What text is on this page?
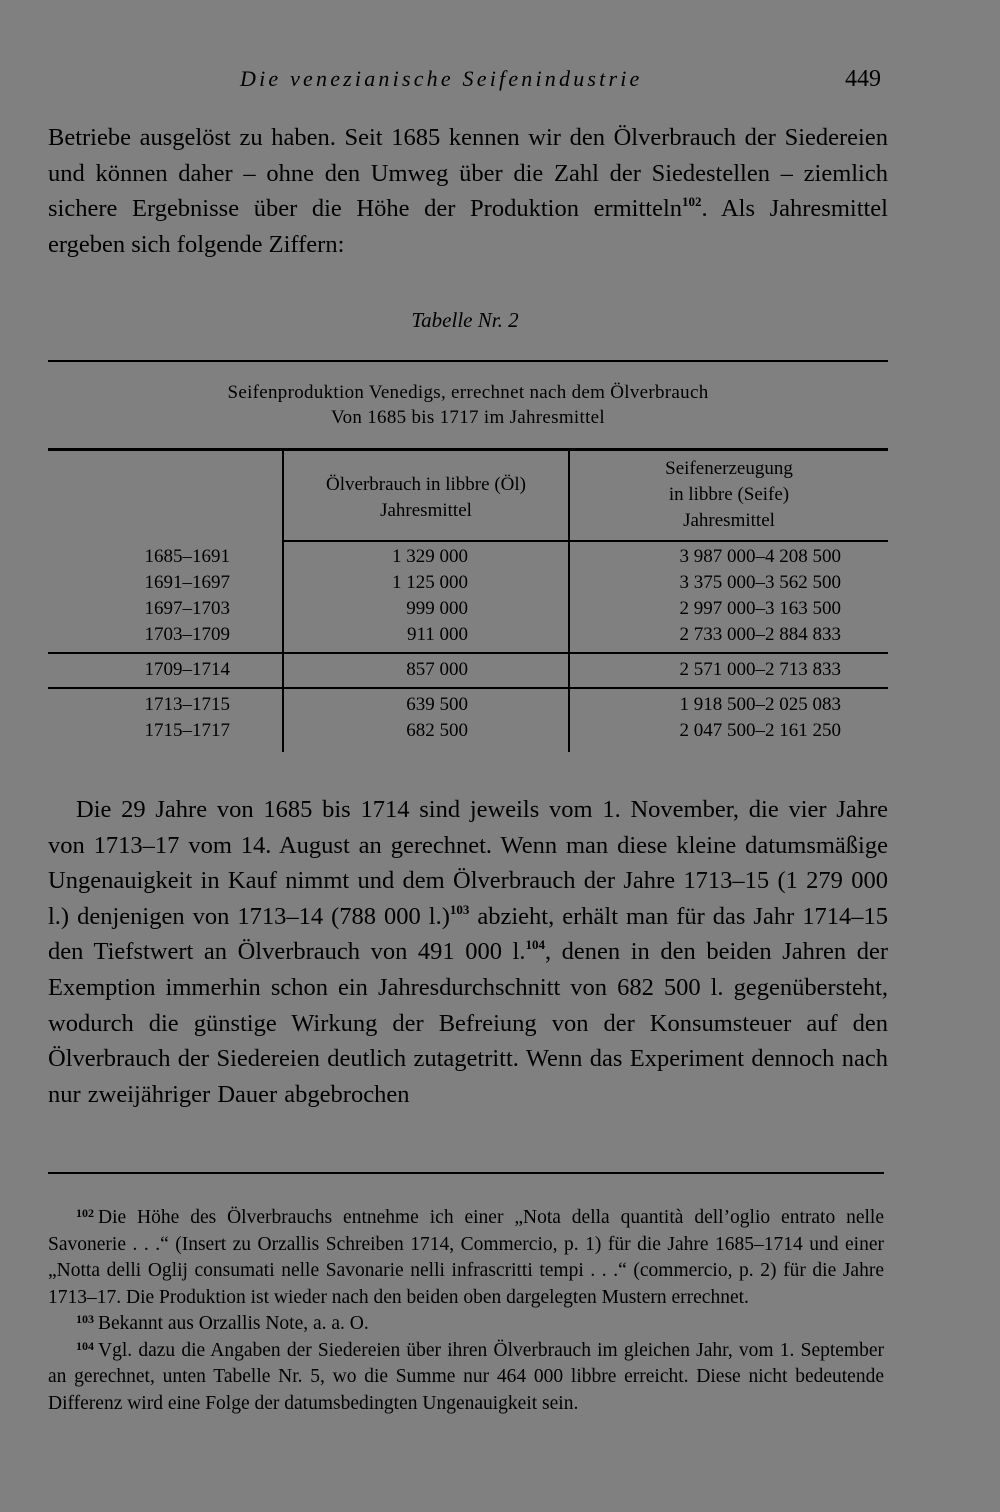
Die venezianische Seifenindustrie	449

Betriebe ausgelöst zu haben. Seit 1685 kennen wir den Ölverbrauch der Siedereien und können daher – ohne den Umweg über die Zahl der Siedestellen – ziemlich sichere Ergebnisse über die Höhe der Produktion ermitteln$^{102}$. Als Jahresmittel ergeben sich folgende Ziffern:

Tabelle Nr. 2
Seifenproduktion Venedigs, errechnet nach dem Ölverbrauch
Von 1685 bis 1717 im Jahresmittel
Ölverbrauch in libbre (Öl)
Jahresmittel
Seifenerzeugung
in libbre (Seife)
Jahresmittel
1685–1691	1 329 000	3 987 000–4 208 500
1691–1697	1 125 000	3 375 000–3 562 500
1697–1703	999 000	2 997 000–3 163 500
1703–1709	911 000	2 733 000–2 884 833
1709–1714	857 000	2 571 000–2 713 833
1713–1715	639 500	1 918 500–2 025 083
1715–1717	682 500	2 047 500–2 161 250

Die 29 Jahre von 1685 bis 1714 sind jeweils vom 1. November, die vier Jahre von 1713–17 vom 14. August an gerechnet. Wenn man diese kleine datumsmäßige Ungenauigkeit in Kauf nimmt und dem Ölverbrauch der Jahre 1713–15 (1 279 000 l.) denjenigen von 1713–14 (788 000 l.)$^{103}$ abzieht, erhält man für das Jahr 1714–15 den Tiefstwert an Ölverbrauch von 491 000 l.$^{104}$, denen in den beiden Jahren der Exemption immerhin schon ein Jahresdurchschnitt von 682 500 l. gegenübersteht, wodurch die günstige Wirkung der Befreiung von der Konsumsteuer auf den Ölverbrauch der Siedereien deutlich zutagetritt. Wenn das Experiment dennoch nach nur zweijähriger Dauer abgebrochen

$^{102}$ Die Höhe des Ölverbrauchs entnehme ich einer „Nota della quantità dell’oglio entrato nelle Savonerie . . .“ (Insert zu Orzallis Schreiben 1714, Commercio, p. 1) für die Jahre 1685–1714 und einer „Notta delli Oglij consumati nelle Savonarie nelli infrascritti tempi . . .“ (commercio, p. 2) für die Jahre 1713–17. Die Produktion ist wieder nach den beiden oben dargelegten Mustern errechnet.

$^{103}$ Bekannt aus Orzallis Note, a. a. O.

$^{104}$ Vgl. dazu die Angaben der Siedereien über ihren Ölverbrauch im gleichen Jahr, vom 1. September an gerechnet, unten Tabelle Nr. 5, wo die Summe nur 464 000 libbre erreicht. Diese nicht bedeutende Differenz wird eine Folge der datumsbedingten Ungenauigkeit sein.
